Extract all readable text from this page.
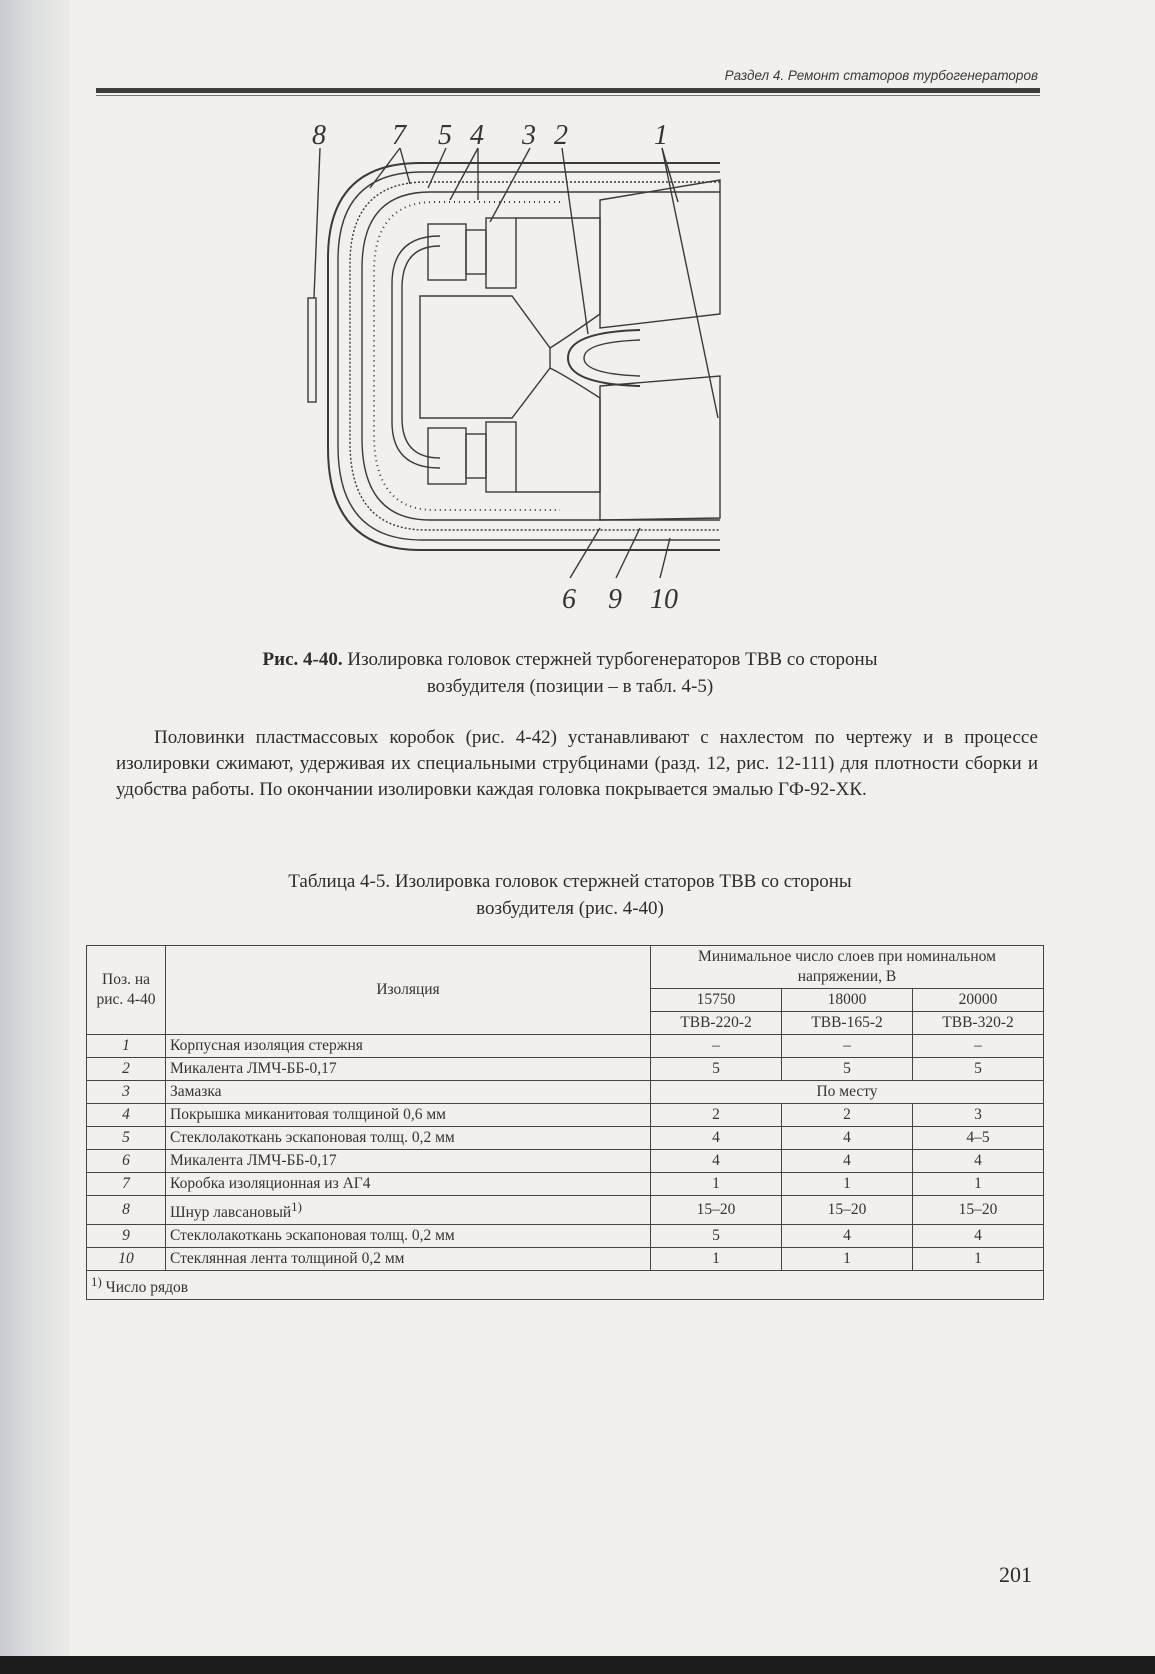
Раздел 4. Ремонт статоров турбогенераторов
8 7 5 4 3 2	1
6 9 10
Рис. 4-40. Изолировка головок стержней турбогенераторов ТВВ со стороны
возбудителя (позиции – в табл. 4-5)
Половинки пластмассовых коробок (рис. 4-42) устанавливают с нахлестом по чертежу и в процессе изолировки сжимают, удерживая их специальными струбцинами (разд. 12, рис. 12-111) для плотности сборки и удобства работы. По окончании изолировки каждая головка покрывается эмалью ГФ-92-ХК.
Таблица 4-5. Изолировка головок стержней статоров ТВВ со стороны
возбудителя (рис. 4-40)
Поз. на рис. 4-40	Изоляция	Минимальное число слоев при номинальном напряжении, В		
		15750	18000	20000
		ТВВ-220-2	ТВВ-165-2	ТВВ-320-2
1	Корпусная изоляция стержня	–	–	–
2	Микалента ЛМЧ-ББ-0,17	5	5	5
3	Замазка	По месту		
4	Покрышка миканитовая толщиной 0,6 мм	2	2	3
5	Стеклолакоткань эскапоновая толщ. 0,2 мм	4	4	4–5
6	Микалента ЛМЧ-ББ-0,17	4	4	4
7	Коробка изоляционная из АГ4	1	1	1
8	Шнур лавсановый$^{1)}$	15–20	15–20	15–20
9	Стеклолакоткань эскапоновая толщ. 0,2 мм	5	4	4
10	Стеклянная лента толщиной 0,2 мм	1	1	1
$^{1)}$ Число рядов				
201
